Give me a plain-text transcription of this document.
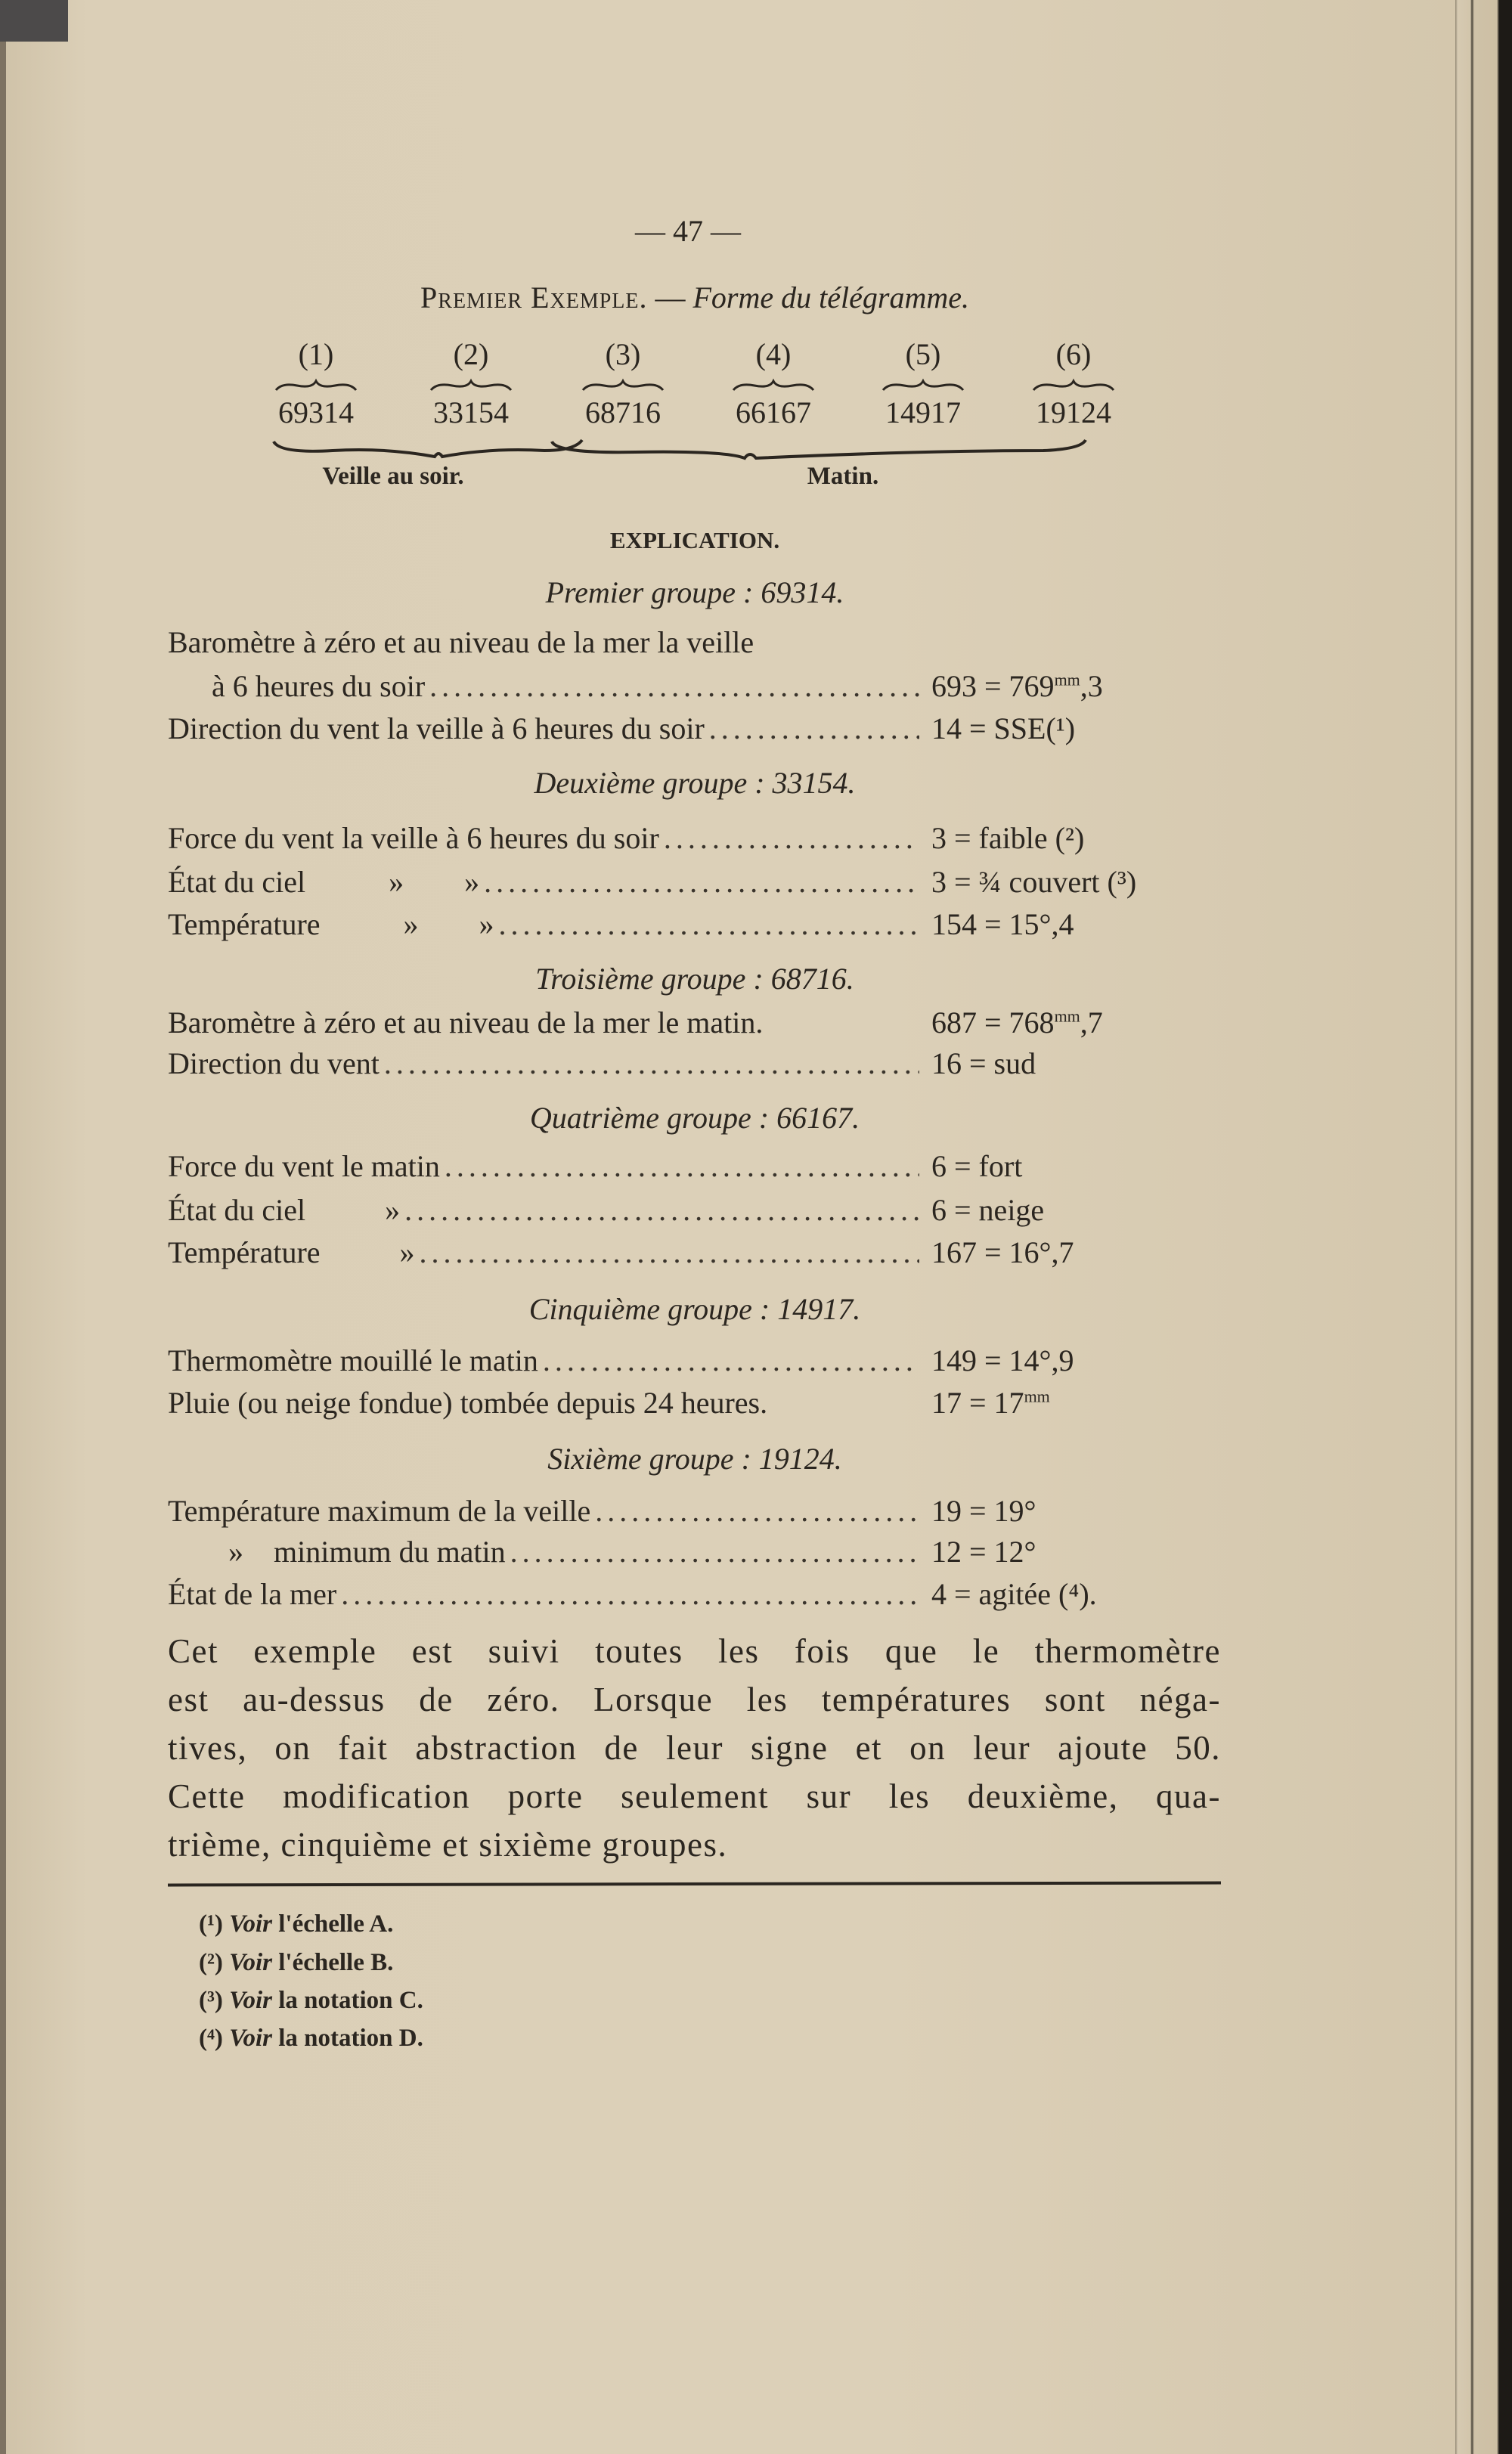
— 47 —
Premier Exemple. — Forme du télégramme.
(1)
69314
(2)
33154
(3)
68716
(4)
66167
(5)
14917
(6)
19124
Veille au soir.	Matin.
EXPLICATION.
Premier groupe : 69314.
Baromètre à zéro et au niveau de la mer la veille
à 6 heures du soir .....	$693 = 769^{mm},3$
Direction du vent la veille à 6 heures du soir .....	14 = SSE(¹)
Deuxième groupe : 33154.
Force du vent la veille à 6 heures du soir .....	3 = faible (²)
État du ciel	»        » .....	3 = ¾ couvert (³)
Température	»        » .....	154 = 15°,4
Troisième groupe : 68716.
Baromètre à zéro et au niveau de la mer le matin.	$687 = 768^{mm},7$
Direction du vent .....	16 = sud
Quatrième groupe : 66167.
Force du vent le matin .....	6 = fort
État du ciel	» .....	6 = neige
Température	» .....	167 = 16°,7
Cinquième groupe : 14917.
Thermomètre mouillé le matin .....	149 = 14°,9
Pluie (ou neige fondue) tombée depuis 24 heures.	$17 = 17^{mm}$
Sixième groupe : 19124.
Température maximum de la veille .....	19 = 19°
» minimum du matin .....	12 = 12°
État de la mer .....	4 = agitée (⁴).
Cet exemple est suivi toutes les fois que le thermomètre
est au-dessus de zéro. Lorsque les températures sont néga-
tives, on fait abstraction de leur signe et on leur ajoute 50.
Cette modification porte seulement sur les deuxième, qua-
trième, cinquième et sixième groupes.
(¹) Voir l'échelle A.
(²) Voir l'échelle B.
(³) Voir la notation C.
(⁴) Voir la notation D.
